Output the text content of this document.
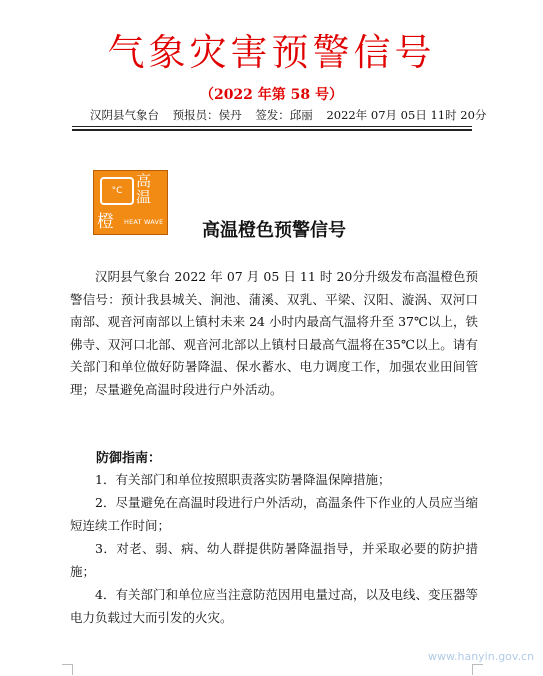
气象灾害预警信号
（2022 年第 58 号）
汉阴县气象台 预报员：侯丹 签发：邱丽 2022年 07月 05日 11时 20分
°C
高温
橙 HEAT WAVE 高温橙色预警信号
汉阴县气象台 2022 年 07 月 05 日 11 时 20分升级发布高温橙色预警信号：预计我县城关、涧池、蒲溪、双乳、平梁、汉阳、漩涡、双河口南部、观音河南部以上镇村未来 24 小时内最高气温将升至 37℃以上，铁佛寺、双河口北部、观音河北部以上镇村日最高气温将在35℃以上。请有关部门和单位做好防暑降温、保水蓄水、电力调度工作，加强农业田间管理；尽量避免高温时段进行户外活动。
防御指南：
1．有关部门和单位按照职责落实防暑降温保障措施；
2．尽量避免在高温时段进行户外活动，高温条件下作业的人员应当缩短连续工作时间；
3．对老、弱、病、幼人群提供防暑降温指导，并采取必要的防护措施；
4．有关部门和单位应当注意防范因用电量过高，以及电线、变压器等电力负载过大而引发的火灾。
www.hanyin.gov.cn
